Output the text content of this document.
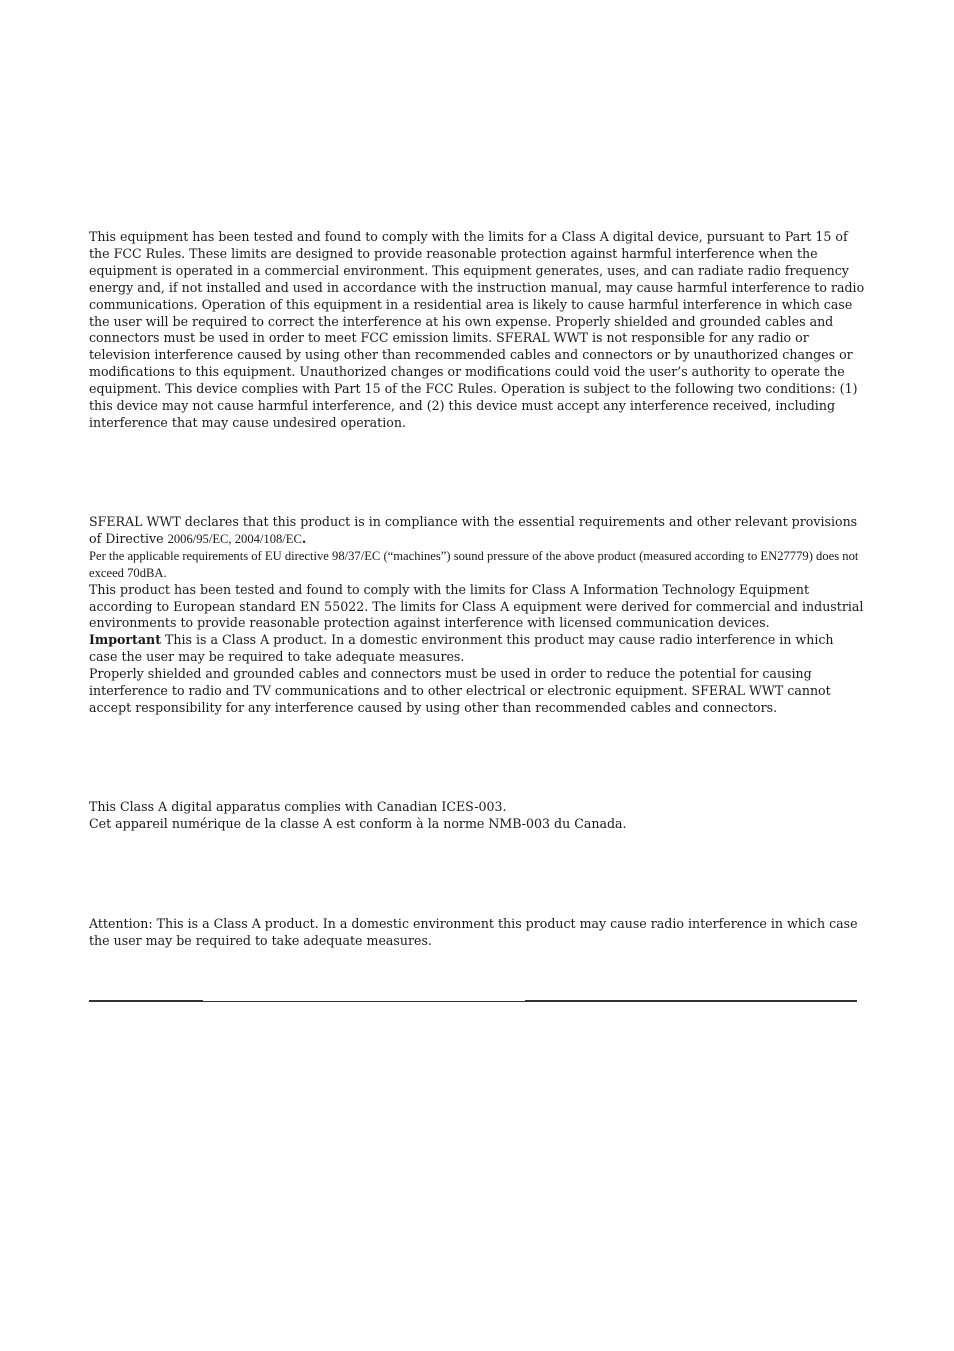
This equipment has been tested and found to comply with the limits for a Class A digital device, pursuant to Part 15 of the FCC Rules. These limits are designed to provide reasonable protection against harmful interference when the equipment is operated in a commercial environment. This equipment generates, uses, and can radiate radio frequency energy and, if not installed and used in accordance with the instruction manual, may cause harmful interference to radio communications. Operation of this equipment in a residential area is likely to cause harmful interference in which case the user will be required to correct the interference at his own expense. Properly shielded and grounded cables and connectors must be used in order to meet FCC emission limits. SFERAL WWT is not responsible for any radio or television interference caused by using other than recommended cables and connectors or by unauthorized changes or modifications to this equipment. Unauthorized changes or modifications could void the user’s authority to operate the equipment. This device complies with Part 15 of the FCC Rules. Operation is subject to the following two conditions: (1) this device may not cause harmful interference, and (2) this device must accept any interference received, including interference that may cause undesired operation.

SFERAL WWT declares that this product is in compliance with the essential requirements and other relevant provisions of Directive 2006/95/EC, 2004/108/EC.

Per the applicable requirements of EU directive 98/37/EC (“machines”) sound pressure of the above product (measured according to EN27779) does not exceed 70dBA.

This product has been tested and found to comply with the limits for Class A Information Technology Equipment according to European standard EN 55022. The limits for Class A equipment were derived for commercial and industrial environments to provide reasonable protection against interference with licensed communication devices.

Important This is a Class A product. In a domestic environment this product may cause radio interference in which case the user may be required to take adequate measures.

Properly shielded and grounded cables and connectors must be used in order to reduce the potential for causing interference to radio and TV communications and to other electrical or electronic equipment. SFERAL WWT cannot accept responsibility for any interference caused by using other than recommended cables and connectors.

This Class A digital apparatus complies with Canadian ICES-003.

Cet appareil numérique de la classe A est conform à la norme NMB-003 du Canada.

Attention: This is a Class A product. In a domestic environment this product may cause radio interference in which case the user may be required to take adequate measures.
